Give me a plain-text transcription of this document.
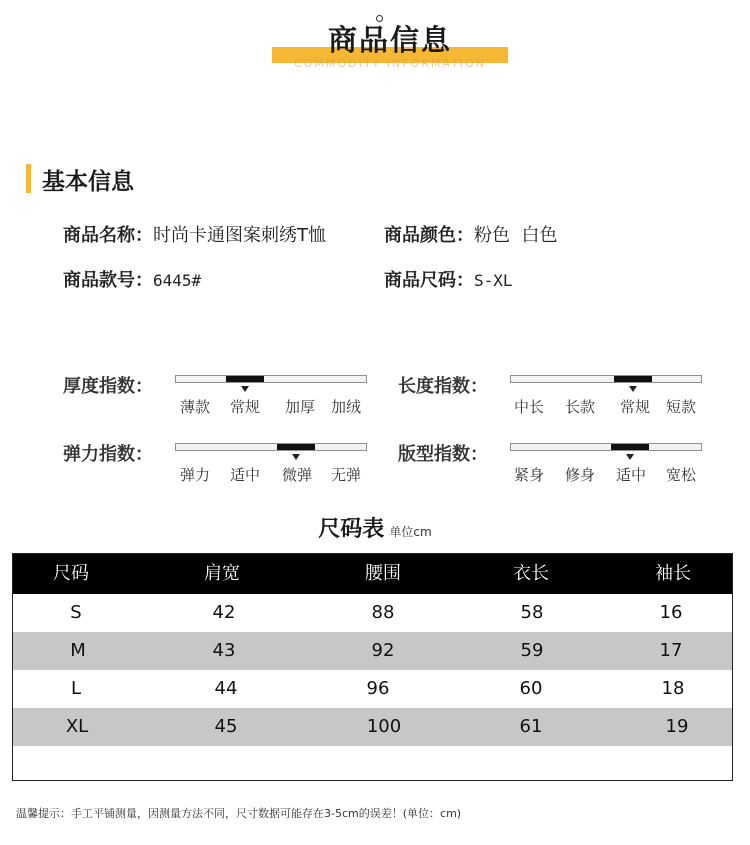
商品信息
COMMODITY INFORMATION
基本信息
商品名称：时尚卡通图案刺绣T恤	商品颜色：粉色  白色
商品款号：6445#	商品尺码：S-XL
厚度指数：
薄款 常规 加厚 加绒
长度指数：
中长 长款 常规 短款
弹力指数：
弹力 适中 微弹 无弹
版型指数：
紧身 修身 适中 宽松
尺码表 单位cm
尺码	肩宽	腰围	衣长	袖长
S	42	88	58	16
M	43	92	59	17
L	44	96	60	18
XL	45	100	61	19
温馨提示：手工平铺测量，因测量方法不同，尺寸数据可能存在3-5cm的误差！(单位：cm)
